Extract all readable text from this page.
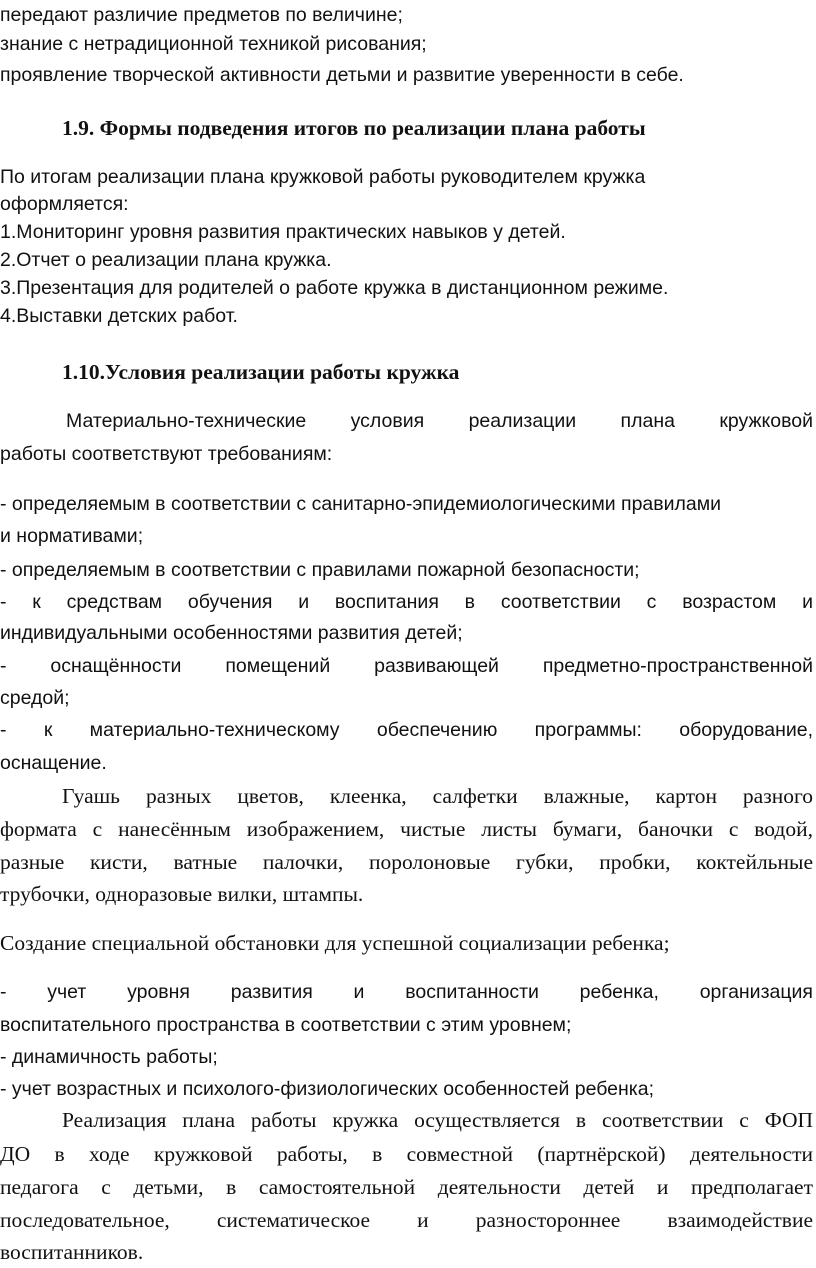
передают различие предметов по величине;
знание с нетрадиционной техникой рисования;
проявление творческой активности детьми и развитие уверенности в себе.
1.9. Формы подведения итогов по реализации плана работы
По итогам реализации плана кружковой работы руководителем кружка
оформляется:
1.Мониторинг уровня развития практических навыков у детей.
2.Отчет о реализации плана кружка.
3.Презентация для родителей о работе кружка в дистанционном режиме.
4.Выставки детских работ.
1.10.Условия реализации работы кружка
Материально-технические условия реализации плана кружковой
работы соответствуют требованиям:
- определяемым в соответствии с санитарно-эпидемиологическими правилами
и нормативами;
- определяемым в соответствии с правилами пожарной безопасности;
- к средствам обучения и воспитания в соответствии с возрастом и
индивидуальными особенностями развития детей;
- оснащённости помещений развивающей предметно-пространственной
средой;
- к материально-техническому обеспечению программы: оборудование,
оснащение.
Гуашь разных цветов, клеенка, салфетки влажные, картон разного
формата с нанесённым изображением, чистые листы бумаги, баночки с водой,
разные кисти, ватные палочки, поролоновые губки, пробки, коктейльные
трубочки, одноразовые вилки, штампы.
Создание специальной обстановки для успешной социализации ребенка;
- учет уровня развития и воспитанности ребенка, организация
воспитательного пространства в соответствии с этим уровнем;
- динамичность работы;
- учет возрастных и психолого-физиологических особенностей ребенка;
Реализация плана работы кружка осуществляется в соответствии с ФОП
ДО в ходе кружковой работы, в совместной (партнёрской) деятельности
педагога с детьми, в самостоятельной деятельности детей и предполагает
последовательное, систематическое и разностороннее взаимодействие
воспитанников.
